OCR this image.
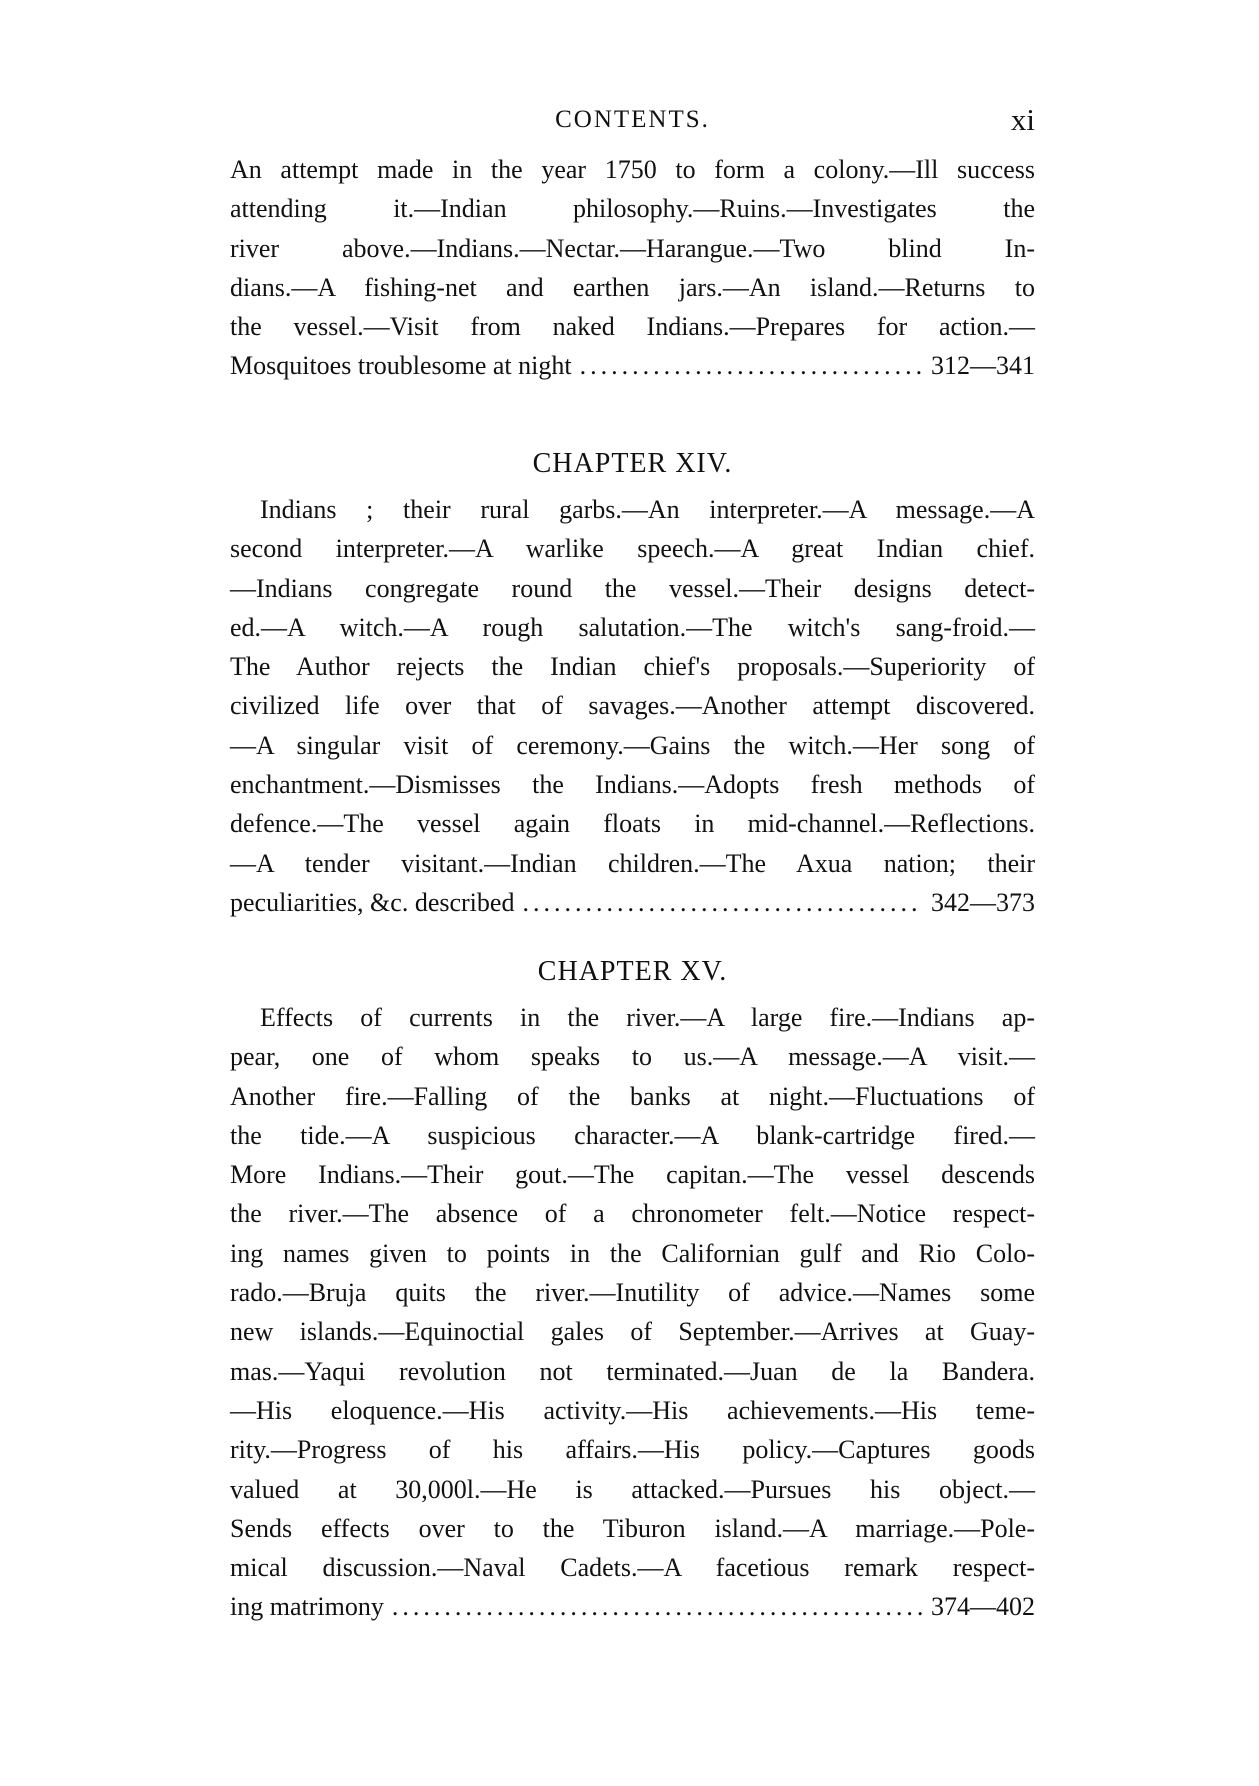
CONTENTS.	xi
An attempt made in the year 1750 to form a colony.—Ill success
attending it.—Indian philosophy.—Ruins.—Investigates the
river above.—Indians.—Nectar.—Harangue.—Two blind In-
dians.—A fishing-net and earthen jars.—An island.—Returns to
the vessel.—Visit from naked Indians.—Prepares for action.—
Mosquitoes troublesome at night .....	312—341
CHAPTER XIV.
Indians ; their rural garbs.—An interpreter.—A message.—A
second interpreter.—A warlike speech.—A great Indian chief.
—Indians congregate round the vessel.—Their designs detect-
ed.—A witch.—A rough salutation.—The witch's sang-froid.—
The Author rejects the Indian chief's proposals.—Superiority of
civilized life over that of savages.—Another attempt discovered.
—A singular visit of ceremony.—Gains the witch.—Her song of
enchantment.—Dismisses the Indians.—Adopts fresh methods of
defence.—The vessel again floats in mid-channel.—Reflections.
—A tender visitant.—Indian children.—The Axua nation; their
peculiarities, &c. described .....	342—373
CHAPTER XV.
Effects of currents in the river.—A large fire.—Indians ap-
pear, one of whom speaks to us.—A message.—A visit.—
Another fire.—Falling of the banks at night.—Fluctuations of
the tide.—A suspicious character.—A blank-cartridge fired.—
More Indians.—Their gout.—The capitan.—The vessel descends
the river.—The absence of a chronometer felt.—Notice respect-
ing names given to points in the Californian gulf and Rio Colo-
rado.—Bruja quits the river.—Inutility of advice.—Names some
new islands.—Equinoctial gales of September.—Arrives at Guay-
mas.—Yaqui revolution not terminated.—Juan de la Bandera.
—His eloquence.—His activity.—His achievements.—His teme-
rity.—Progress of his affairs.—His policy.—Captures goods
valued at 30,000l.—He is attacked.—Pursues his object.—
Sends effects over to the Tiburon island.—A marriage.—Pole-
mical discussion.—Naval Cadets.—A facetious remark respect-
ing matrimony .....	374—402
